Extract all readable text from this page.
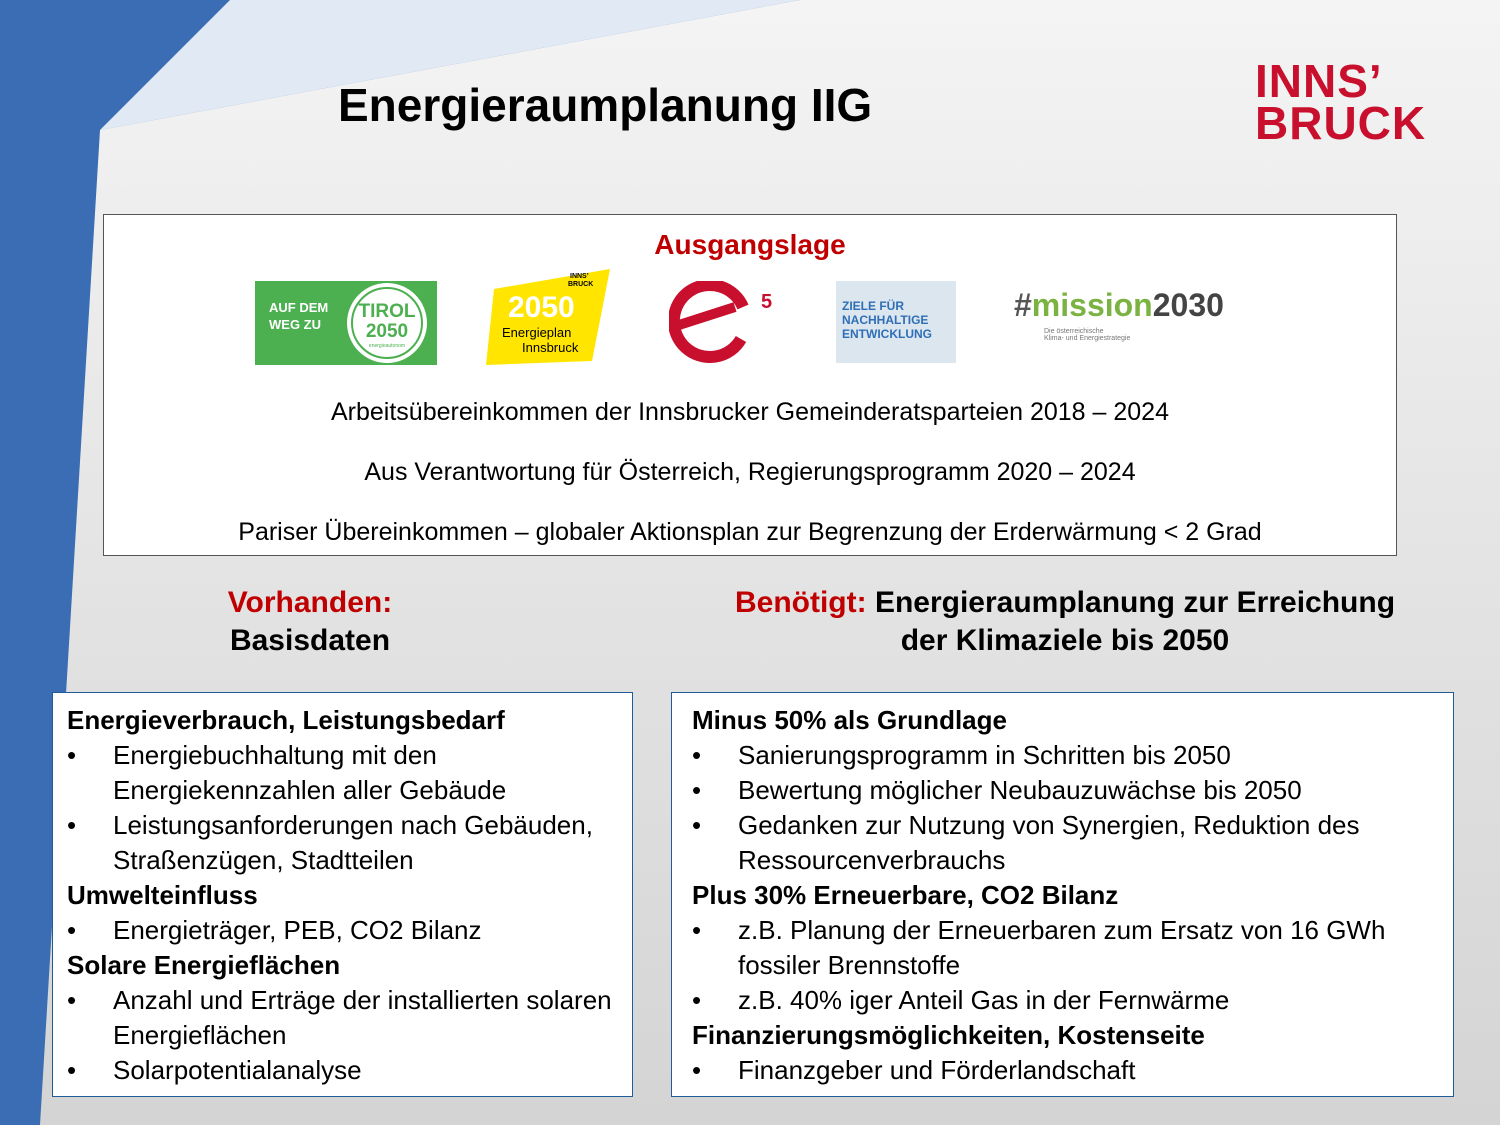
Energieraumplanung IIG	INNS’
BRUCK
Ausgangslage
AUF DEM WEG ZU
TIROL
2050
energieautonom
INNS’
BRUCK
2050
Energieplan
Innsbruck
5	ZIELE FÜR
NACHHALTIGE
ENTWICKLUNG
#mission2030
Die österreichische
Klima- und Energiestrategie
Arbeitsübereinkommen der Innsbrucker Gemeinderatsparteien 2018 – 2024
Aus Verantwortung für Österreich, Regierungsprogramm 2020 – 2024
Pariser Übereinkommen – globaler Aktionsplan zur Begrenzung der Erderwärmung < 2 Grad
Vorhanden:
Basisdaten
Benötigt: Energieraumplanung zur Erreichung
der Klimaziele bis 2050
Energieverbrauch, Leistungsbedarf
• Energiebuchhaltung mit den Energiekennzahlen aller Gebäude
• Leistungsanforderungen nach Gebäuden, Straßenzügen, Stadtteilen
Umwelteinfluss
• Energieträger, PEB, CO2 Bilanz
Solare Energieflächen
• Anzahl und Erträge der installierten solaren Energieflächen
• Solarpotentialanalyse
Minus 50% als Grundlage
• Sanierungsprogramm in Schritten bis 2050
• Bewertung möglicher Neubauzuwächse bis 2050
• Gedanken zur Nutzung von Synergien, Reduktion des Ressourcenverbrauchs
Plus 30% Erneuerbare, CO2 Bilanz
• z.B. Planung der Erneuerbaren zum Ersatz von 16 GWh fossiler Brennstoffe
• z.B. 40% iger Anteil Gas in der Fernwärme
Finanzierungsmöglichkeiten, Kostenseite
• Finanzgeber und Förderlandschaft
